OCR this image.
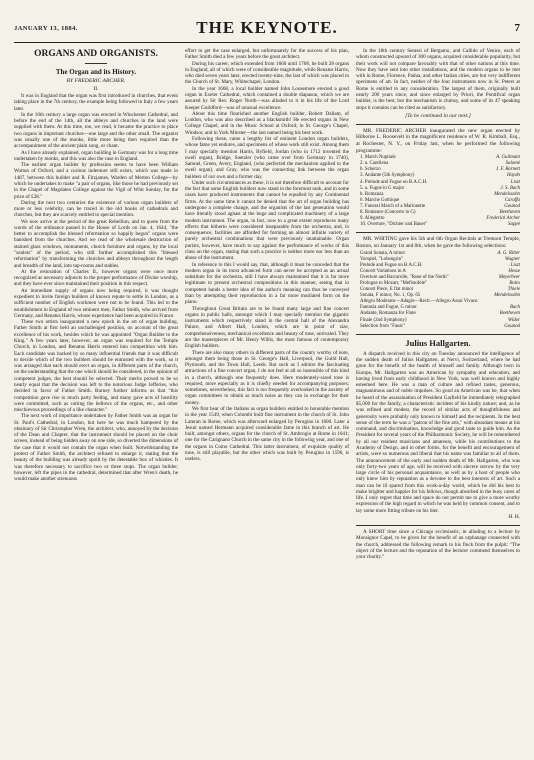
JANUARY 13, 1884.	THE KEYNOTE.	7
ORGANS AND ORGANISTS.
The Organ and its History.
BY FREDERIC ARCHER.
II.

It was in England that the organ was first introduced in churches, that event taking place in the 7th century, the example being followed in Italy a few years later.

In the 10th century a large organ was erected in Winchester Cathedral, and before the end of the 14th, all the abbeys and churches in the land were supplied with them. At this time, too, we read, it became the practice to place two organs in important churches—one large and the other small. The organist was usually one of the monks, little more being then required than the accompaniment of the ancient plain song, or chant.

As I have already explained, organ building in Germany was for a long time undertaken by monks, and this was also the case in England.

The earliest organ builder by profession seems to have been William Wotton of Oxford, and a curious indenture still exists, which was made in 1487, between this builder and R. Fitzjames, Warden of Merton College—by which he undertakes to make "a pair of organs, like those he had previously set in the Chapel of Magdalen College against the Vigil of Whit Sunday, for the price of £28."

During the next two centuries the existence of various organ builders of more or less celebrity, can be traced in the old books of cathedrals and churches, but they are scarcely entitled to special mention.

We now arrive at the period of the great Rebellion, and to quote from the words of the ordinance passed in the House of Lords on Jan. 4, 1644, "the better to accomplish the blessed reformation so happily begun" organs were banished from the churches. And we read of the wholesale destruction of stained glass windows, monuments, church furniture and organs, by the local "zealots" of the period, who still further accomplished this "blessed reformation" by transforming the churches and abbeys throughout the length and breadth of the land, into tap-rooms and stables.

At the restoration of Charles II., however organs were once more recognized as necessary adjuncts to the proper performance of Divine worship, and they have ever since maintained their position in this respect.

An immediate supply of organs now being required, it was thought expedient to invite foreign builders of known repute to settle in London, as a sufficient number of English workmen were not to be found. This led to the establishment in England of two eminent men, Father Smith, who arrived from Germany, and Renatus Harris, whose experience had been acquired in France.

These two artists inaugurated a new epoch in the art of organ building. Father Smith at first held an unchallenged position, on account of the great excellence of his work, besides which he was appointed "Organ Builder to the King." A few years later, however, an organ was required for the Temple Church, in London, and Renatus Harris entered into competition with him. Each candidate was backed by so many influential friends that it was difficult to decide which of the two builders should be entrusted with the work, so it was arranged that each should erect an organ, in different parts of the church, on the understanding that the one which should be considered, in the opinion of competent judges, the best should be selected. Their merits proved to be so nearly equal that the decision was left to the notorious Judge Jefferies, who decided in favor of Father Smith. Burney further informs us that "this competition gave rise to much party feeling, and many gave acts of hostility were committed, such as cutting the bellows of the organs, etc., and other mischievous proceedings of a like character."

The next work of importance undertaken by Father Smith was an organ for St. Paul's Cathedral, in London, but here he was much hampered by the obstinacy of Sir Christopher Wren, the architect, who, annoyed by the decision of the Dean and Chapter, that the instrument should be placed on the choir screen, instead of being hidden away on one side, so diverted the dimensions of the case that it would not contain the organ when built. Notwithstanding the protest of Father Smith, the architect refused to enlarge it, stating that the beauty of the building was already spoilt by the detestable box of whistles. It was therefore necessary to sacrifice two or three stops. The organ builder, however, left the pipes in the cathedral, determined that after Wren's death, he would make another strenuous

effort to get the case enlarged, but unfortunately for the success of his plan, Father Smith died a few years before the great architect.

During his career, which extended from 1660 until 1708, he built 28 organs in England, all of which were of considerable magnitude, while Renatus Harris, who died seven years later, erected twenty-nine, the last of which was placed in the Church of St. Mary, Whitechapel, London.

In the year 1668, a local builder named John Loosemore erected a good organ in Exeter Cathedral, which contained a double diapason, which we are assured by Sir Rev. Roger North—was alluded to it in his life of the Lord Keeper Guildford—was of unusual excellence.

About this time flourished another English builder, Robert Dallam, of London, who was also described as a blacksmith! He erected organs in New College Chapel, and in the Music School at Oxford; in St. George's Chapel, Windsor, and in York Minster—the last named being his best work.

Following these, came a lengthy list of eminent London organ builders, whose fame yet endures, and specimens of whose work still exist. Among them I may specially mention Harris, Byfield, Jordan (who in 1712 invented the swell organ), Bridge, Snetzler (who came over from Germany in 1740), Samuel, Green, Avery, England, (who perfected the mechanism applied to the swell organ), and Gray, who was the connecting link between the organ builders of our own and a former day.

Under such circumstances as these, it is not therefore difficult to account for the fact that some English builders now stand in the foremost rank, and in some cases have produced instruments that cannot be equalled by any Continental firms. At the same time it cannot be denied that the art of organ building has undergone a complete change, and the organists of the last generation would have literally stood aghast at the huge and complicated machinery of a large modern instrument. The organ, in fact, now to a great extent reproduces many effects that hitherto were considered inseparable from the orchestra, and, in consequence, facilities are afforded for forming an almost infinite variety of purely orchestral combinations that were previously unattainable. Organ purists, however, have much to say against the performance of works of this class on the organ, stating that such a practice is neither more nor less than an abuse of the instrument.

In reference to this I would say, that, although it must be conceded that the modern organ in its most advanced form can never be accepted as an actual substitute for the orchestra, still I have always maintained that it is far more legitimate to present orchestral compositions in this manner, seeing that in competent hands a better idea of the author's meaning can thus be conveyed than by attempting their reproduction in a far more mutilated form on the piano.

Throughout Great Britain are to be found many large and fine concert organs in public halls, amongst which I may specially mention the gigantic instruments which respectively stand in the central hall of the Alexandra Palace, and Albert Hall, London, which are in point of size, comprehensiveness, mechanical excellence and beauty of tone, unrivaled. They are the masterpieces of Mr. Henry Willis, the most famous of contemporary English builders.

There are also many others in different parts of the country worthy of note, amongst them being those in St. George's Hall, Liverpool, the Guild Hall, Plymouth, and the Town Hall, Leeds. But such as I admire the fascinating attractions of a fine concert organ, I do not feel at all so insensible of this kind in a church, although one frequently does. Here moderately-sized tone is required, more especially as it is chiefly needed for accompanying purposes; sometimes, nevertheless, this fact is too frequently overlooked in the anxiety of organ committees to obtain as much noise as they can in exchange for their money.

We first hear of the Italians as organ builders entitled to honorable mention in the year 1549, when Colombi built fine instrument in the church of St. John Lateran in Rome, which was afterward enlarged by Perugino in 1600. Later a Jesuit named Hermann acquired considerable fame in this branch of art. He built, amongst others, organs for the church of St. Ambrogio at Rome in 1641; one for the Carignano Church in the same city in the following year, and one of the organs in Como Cathedral. This latter instrument, of exquisite quality of tone, is still playable, but the other which was built by Perugino in 1596, is useless.

In the 18th century Serassi of Bergamo, and Callido of Venice, each of whom constructed upward of 300 organs, acquired considerable popularity, but their work will not compare favorably with that of other nations at this time. Now they have sent into other installations, and the modern organs to be met with in Rome, Florence, Padua, and other Italian cities, are but very indifferent specimens of art. In fact, neither of the four instruments now in St. Peters at Rome is entitled to any consideration. The largest of them, originally built nearly 200 years since, and since enlarged by Priori, the Pontifical organ builder, is the best, but the mechanism is clumsy, and some of its 47 speaking stops it contains can be cited as satisfactory.

[To be continued in our next.]

MR. FREDERIC ARCHER inaugurated the new organ erected by Hilborne L. Roosevelt in the magnificent residence of W. R. Kimball, Esq., at Rochester, N. Y., on Friday last, when he performed the following programme:

1. March Nuptiale	A. Guilmant
2. a. Cantilena	Salomé
b. Scherzo	J. F. Barnett
3. Andante (5th Symphony)	Haydn
4. Prelude and Fugue on B.A.C.H.	Liszt
5. a. Fugue in G major	J. S. Bach
b. Romanza	Mendelssohn
6. Marche Gothique	Caraffa
7. Funeral March of a Marionette	Gounod
8. Romance (Concerto in G)	Beethoven
9. Allegretto	Frederick Archer
10. Overture, "Dichter und Bauer"	Suppé

MR. WHITING gave his 5th and 6th Organ Recitals at Tremont Temple, Boston, on January 1st and 8th, when he gave the following selections:

Grand Sonata, A minor	A. G. Ritter
Vorspiel, "Lohengrin"	Wagner
Prelude and Fugue on B.A.C.H.	Liszt
Concert Variations in A	Hesse
Overture and Barcarolle, "Rose of the North"	Meyerbeer
Prologue to Mozart, "Mefistofele"	Boito
Concert Piece, E flat minor	Thiele
Sonata, F minor, No. 1, Op. 65	Mendelssohn
Allegro Moderato—Adagio—Recit.—Allegro Assai Vivace.
Fantasia and Fugue, G minor	Bach
Andante, Romanza for Flute	Beethoven
Finale (2nd Symphony)	Widor
Selection from "Faust"	Gounod
Julius Hallgarten.

A dispatch received in this city on Tuesday announced the intelligence of the sudden death of Julius Hallgarten, at Nervi, Switzerland, where he had gone for the benefit of the health of himself and family. Although born in Europe, Mr. Hallgarten was an American by sympathy and education, and having lived from early childhood in New York, was well known and highly esteemed here. He was a man of culture and refined tastes, generous, magnanimous and of noble impulses. So good an American was he, that when he heard of the assassination of President Garfield he immediately telegraphed $5,000 for the family, a characteristic incident of his kindly nature; and, as he was refined and modest, the record of similar acts of thoughtfulness and generosity were probably only known to himself and the recipients. In the best sense of the term he was a "patron of the fine arts," with abundant means at his command, and discrimination, knowledge and good taste to guide him. As the President for several years of the Philharmonic Society, he will be remembered by all our resident musicians and amateurs, while his contributions to the Academy of Design, and in other forms, for the benefit and encouragement of artists, were so numerous and liberal that his name was familiar to all of them. The announcement of the early and sudden death of Mr. Hallgarten, who was only forty-two years of age, will be received with sincere sorrow by the very large circle of his personal acquaintance, as well as by a host of people who only knew him by reputation as a devotee to the best interests of art. Such a man can be ill spared from this work-a-day world, which he did his best to make brighter and happier for his fellows, though absorbed in the busy cares of life. I only regret that time and space do not permit me to give a more worthy expression of the high regard in which he was held by common consent, and to lay some more fitting tribute on his bier.

H. H.

A SHORT time since a Chicago ecclesiastic, in alluding to a lecture by Monsignor Capel, to be given for the benefit of an orphanage connected with the church, addressed the following remark to his flock from the pulpit: "The object of the lecture and the reputation of the lecturer commend themselves to your charity."
